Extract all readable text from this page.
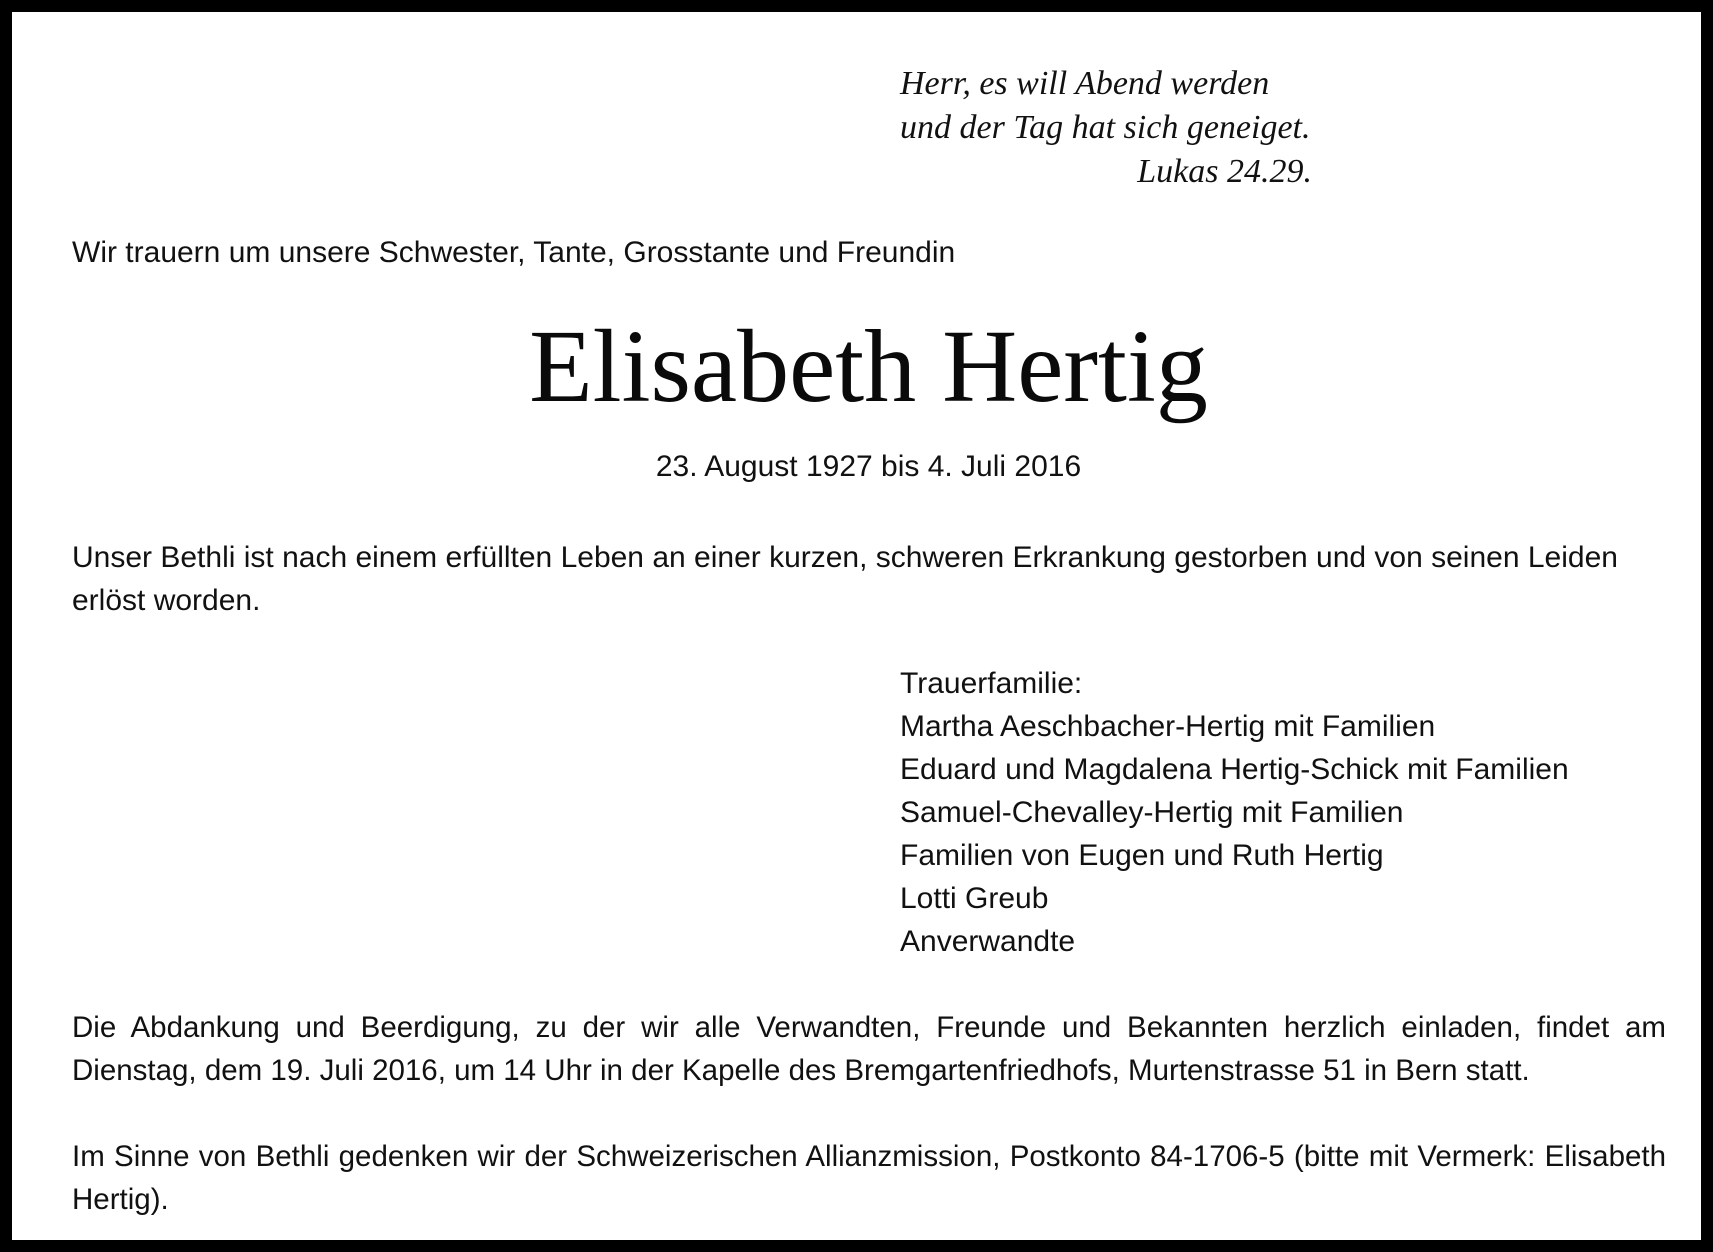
Herr, es will Abend werden
und der Tag hat sich geneiget.
Lukas 24.29.
Wir trauern um unsere Schwester, Tante, Grosstante und Freundin
Elisabeth Hertig
23. August 1927 bis 4. Juli 2016
Unser Bethli ist nach einem erfüllten Leben an einer kurzen, schweren Erkrankung gestorben und von seinen Leiden erlöst worden.
Trauerfamilie:
Martha Aeschbacher-Hertig mit Familien
Eduard und Magdalena Hertig-Schick mit Familien
Samuel-Chevalley-Hertig mit Familien
Familien von Eugen und Ruth Hertig
Lotti Greub
Anverwandte
Die Abdankung und Beerdigung, zu der wir alle Verwandten, Freunde und Bekannten herzlich einladen, findet am Dienstag, dem 19. Juli 2016, um 14 Uhr in der Kapelle des Bremgartenfriedhofs, Murtenstrasse 51 in Bern statt.
Im Sinne von Bethli gedenken wir der Schweizerischen Allianzmission, Postkonto 84-1706-5 (bitte mit Vermerk: Elisabeth Hertig).
